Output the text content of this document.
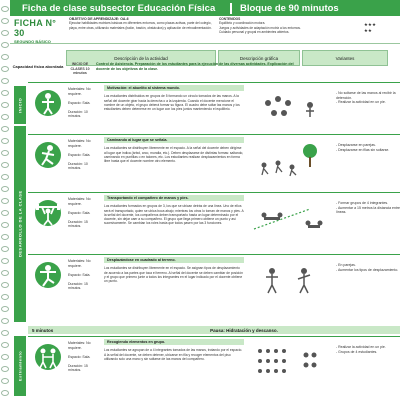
Ficha de clase subsector Educación Física	Bloque de 90 minutos
FICHA N° 30
SEGUNDO BÁSICO
OBJETIVO DE APRENDIZAJE: OA-6
Ejecutar habilidades motrices básicas en diferentes entornos, como plazas activas, parte del colegio, playa, entre otras, utilizando materiales (balón, bastón, obstáculos) y aplicación de retroalimentación.
CONTENIDOS
Equilibrio y coordinación motora.
Juegos y actividades de adaptación motriz a los entornos.
Cuidado personal y grupal en ambientes abiertos.
★★★
★★
Descripción de la actividad	Descripción gráfica	Variantes
Capacidad física abordada	INICIO DE CLASES 10 minutos
Control de Asistencia. Preparación de los estudiantes para la ejecución de las diversas actividades. Explicación del docente de los objetivos de la clase.
INICIO
DESARROLLO DE LA CLASE
Estiramiento
Materiales: No requiere.

Espacio: Sala.

Duración: 10 minutos.
Motivación: el abuelito al sistema mundo.
Los estudiantes distribuidos en grupos de 5 formando un círculo tomados de las manos. A la señal del docente girar hacia la derecha o a la izquierda. Cuando el docente mencione el nombre de un objeto, el grupo deberá formar su figura. El cuadro debe soltar las manos y los estudiantes deben detenerse en un lugar con los pies juntos manteniendo el equilibrio.
- No soltarse de las manos al recibir la detención.
- Realizar la actividad en un pie.
Materiales: No requiere.

Espacio: Sala.

Duración: 10 minutos.
Caminando al lugar que se señala.
Los estudiantes se distribuyen libremente en el espacio. A la señal del docente deben dirigirse al lugar que indica (árbol, arco, muralla, etc.). Deben desplazarse de distintas formas: saltando, caminando en puntillas o en talones, etc. Los estudiantes realizan desplazamientos en forma libre hasta que el docente nombre otro elemento.
- Desplazarse en parejas.
- Desplazarse en filas sin soltarse.
Materiales: No requiere.

Espacio: Sala.

Duración: 15 minutos.
Transportando el compañero de manos y pies.
Los estudiantes formados en grupos de 3, los que se ubican detrás de una línea. Uno de ellos será el transportado, quien se ubica boca abajo; mientras los otros lo toman de manos y pies. A la señal del docente, los compañeros deben transportarlo hasta un lugar determinado por el docente, sin dejar caer a su compañero. El grupo que llega primero obtiene un punto y así sucesivamente. Se cambian los roles hasta que todos pasen por las 3 funciones.
- Formar grupos de 4 integrantes.
- Aumentar a 15 metros la distancia entre líneas.
Materiales: No requiere.

Espacio: Sala.

Duración: 15 minutos.
Desplazándose en cuadrado al terreno.
Los estudiantes se distribuyen libremente en el espacio. Se asignan tipos de desplazamiento de acuerdo a las partes que toca el terreno. Al señal del docente se deben cambiar de posición y el grupo que primero junte a todos los integrantes en el lugar indicado por el docente obtiene un punto.
- En parejas.
- Aumentar los tipos de desplazamiento.
5 minutos	Pausa: Hidratación y descanso.
Materiales: No requiere.

Espacio: Sala.

Duración: 15 minutos.
Recogiendo elementos en grupo.
Los estudiantes se agrupan de a 4 integrantes tomados de las manos, trotando por el espacio. A la señal del docente, se deben detener, ubicarse en fila y recoger elementos del piso utilizando solo una mano y sin soltarse de las manos del compañero.
- Realizar la actividad en un pie.
- Grupos de 4 estudiantes.
